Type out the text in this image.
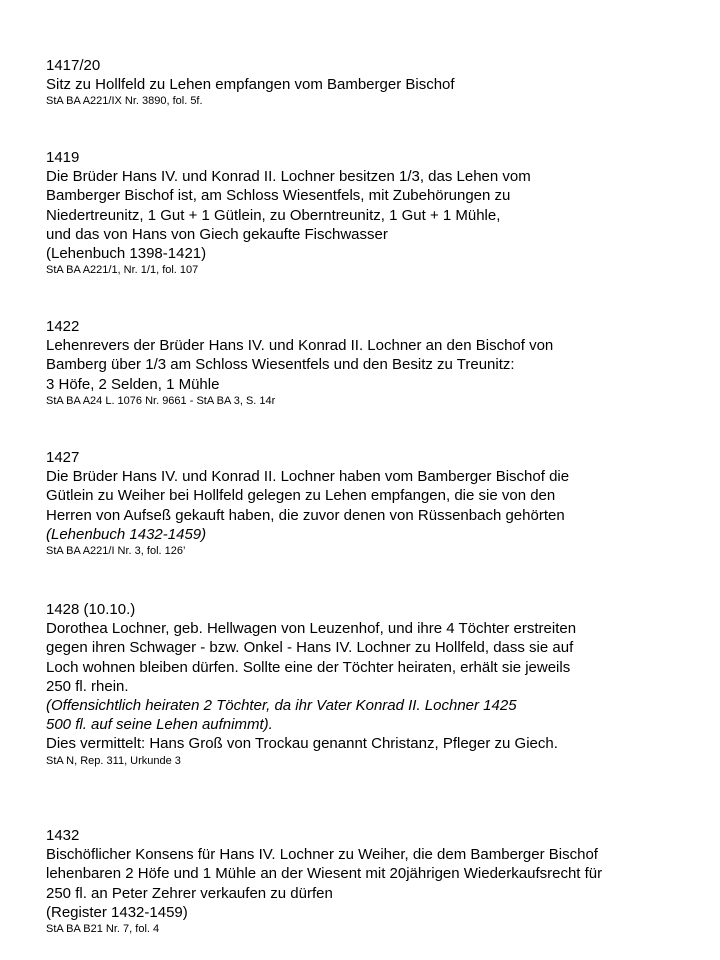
1417/20

Sitz zu Hollfeld zu Lehen empfangen vom Bamberger Bischof

StA BA A221/IX Nr. 3890, fol. 5f.

1419

Die Brüder Hans IV. und Konrad II. Lochner besitzen 1/3, das Lehen vom

Bamberger Bischof ist, am Schloss Wiesentfels, mit Zubehörungen zu

Niedertreunitz, 1 Gut + 1 Gütlein, zu Oberntreunitz, 1 Gut + 1 Mühle,

und das von Hans von Giech gekaufte Fischwasser

(Lehenbuch 1398-1421)

StA BA A221/1, Nr. 1/1, fol. 107

1422

Lehenrevers der Brüder Hans IV. und Konrad II. Lochner an den Bischof von

Bamberg über 1/3 am Schloss Wiesentfels und den Besitz zu Treunitz:

3 Höfe, 2 Selden, 1 Mühle

StA BA A24 L. 1076 Nr. 9661 - StA BA 3, S. 14r

1427

Die Brüder Hans IV. und Konrad II. Lochner haben vom Bamberger Bischof die

Gütlein zu Weiher bei Hollfeld gelegen zu Lehen empfangen, die sie von den

Herren von Aufseß gekauft haben, die zuvor denen von Rüssenbach gehörten

(Lehenbuch 1432-1459)

StA BA A221/I Nr. 3, fol. 126’

1428 (10.10.)

Dorothea Lochner, geb. Hellwagen von Leuzenhof, und ihre 4 Töchter erstreiten

gegen ihren Schwager - bzw. Onkel - Hans IV. Lochner zu Hollfeld, dass sie auf

Loch wohnen bleiben dürfen. Sollte eine der Töchter heiraten, erhält sie jeweils

250 fl. rhein.

(Offensichtlich heiraten 2 Töchter, da ihr Vater Konrad II. Lochner 1425

500 fl. auf seine Lehen aufnimmt).

Dies vermittelt: Hans Groß von Trockau genannt Christanz, Pfleger zu Giech.

StA N, Rep. 311, Urkunde 3

1432

Bischöflicher Konsens für Hans IV. Lochner zu Weiher, die dem Bamberger Bischof

lehenbaren 2 Höfe und 1 Mühle an der Wiesent mit 20jährigen Wiederkaufsrecht für

250 fl. an Peter Zehrer verkaufen zu dürfen

(Register 1432-1459)

StA BA B21 Nr. 7, fol. 4
